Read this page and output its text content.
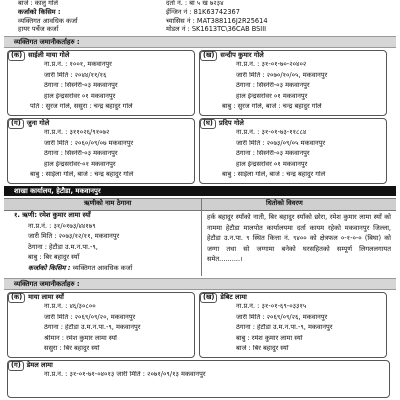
बाजे : कालु गोले
कर्जाको किसिम :
व्यक्तिगत आवधिक कर्जा
हायर पर्चेज कर्जा
दर्ता नं. : बा ५ ख ७२३४
ईन्जिन नं : 81K63742367
च्यासिस नं : MAT388116J2R25614
मोडल नं : SK1613TC\36CAB BSIII
व्यक्तिगत जमानीकर्ताहरु :
(क) साईली माया गोले
ना.प्र.नं. : १००१, मकवानपुर
जारी मिति : २०४४/११/१६
ठेगाना : सिस्नेरी-०३ मकवानपुर
हाल ईन्द्रसरोवर ०१ मकवानपुर
पति : सुरज गोले, ससुरा : चन्द्र बहादुर गोले
(ख) सन्दीप कुमार गोले
ना.प्र.नं. : ३१-०१-७०-२०४०२
जारी मिति : २०७०/१०/०५, मकवानपुर
ठेगाना : सिस्नेरी-०३ मकवानपुर
हाल ईन्द्रसरोवर ०१ मकवानपुर
बाबु : सुरज गोले, बाजे : चन्द्र बहादुर गोले
(ग) जुना गोले
ना.प्र.नं. : ३११०२६/९१०७२
जारी मिति : २०६०/०९/०७ मकवानपुर
ठेगाना : सिस्नेरी-०३ मकवानपुर
हाल ईन्द्रसरोवर-०१ मकवानपुर
बाबु : साईला गोले, बाजे : चन्द्र बहादुर गोले
(घ) प्रदिप गोले
ना.प्र.नं. : ३१-०१-७३-११८८४
जारी मिति : २०७३/०९/०५ मकवानपुर
ठेगाना : सिस्नेरी-०३ मकवानपुर
हाल ईन्द्रसरोवर ०१ मकवानपुर
बाबु : साईला गोले, बाजे : चन्द्र बहादुर गोले
शाखा कार्यालय, हेटौडा, मकवानपुर
ऋणीको नाम ठेगाना	धितोको विवरण
१. ऋणी: रमेश कुमार लामा स्याँ
ना.प्र.नं. : ३१/०१७३/४४१७९
जारी मिति : २०७३/१२/११, मकवानपुर
ठेगाना : हेटौडा उ.म.न.पा.-९,
बाबु : बिर बहादुर स्याँ
कर्जाको किसिम : व्यक्तिगत आवधिक कर्जा
हर्क बहादुर स्याँको नाती, बिर बहादुर स्याँको छोरा, रमेश कुमार लामा स्याँ को नाममा हेटौडा मालपोत कार्यालयमा दर्ता कायम रहेको मकवानपुर जिल्ला, हेटौडा उ.न.पा. ९ स्थित कित्ता नं. ९४०० को क्षेत्रफल ०-१-०-० (बिघा) को जग्गा तथा सो जग्गामा बनेको घरसहितको सम्पूर्ण लिगललगायत समेत..........।
व्यक्तिगत जमानीकर्ताहरु :
(क) माया लामा स्याँ
ना.प्र.नं. : ४६/३०८००
जारी मिति : २०६९/०९/२०, मकवानपुर
ठेगाना : हेटौडा उ.म.न.पा.-९, मकवानपुर
श्रीमान : रमेश कुमार लामा स्याँ
ससुरा : बिर बहादुर स्याँ
(ख) डेबिट लामा
ना.प्र.नं. : ३१-०१-६९-०३३१५
जारी मिति : २०६९/०९/२६, मकवानपुर
ठेगाना : हेटौडा उ.म.न.पा.-९, मकवानपुर
बाबु : रमेश कुमार लामा स्याँ
बाजे : बिर बहादुर स्याँ
(ग) डेमल लामा
ना.प्र.नं. : ३१-०१-७१-०४०१३ जारी मिति : २०७१/०९/१३ मकवानपुर
